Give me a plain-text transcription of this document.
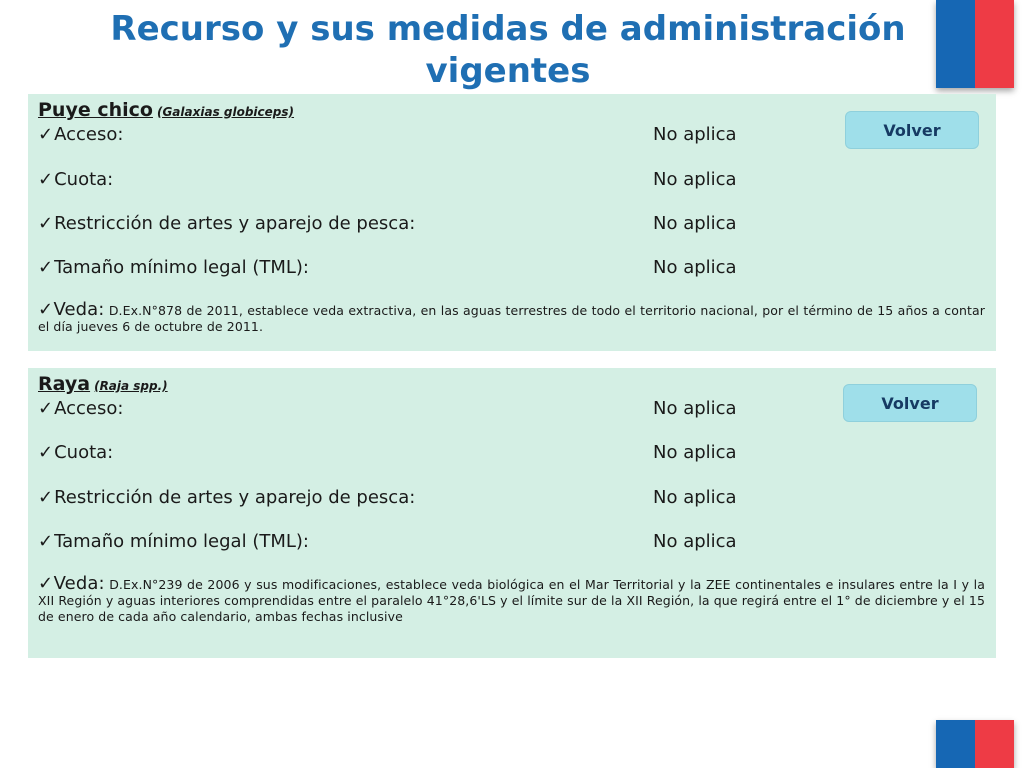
Recurso y sus medidas de administración vigentes
Puye chico (Galaxias globiceps)
Volver
✓Acceso:	No aplica
✓Cuota:	No aplica
✓Restricción de artes y aparejo de pesca:	No aplica
✓Tamaño mínimo legal (TML):	No aplica
✓Veda: D.Ex.N°878 de 2011, establece veda extractiva, en las aguas terrestres de todo el territorio nacional, por el término de 15 años a contar el día jueves 6 de octubre de 2011.
Raya (Raja spp.)
Volver
✓Acceso:	No aplica
✓Cuota:	No aplica
✓Restricción de artes y aparejo de pesca:	No aplica
✓Tamaño mínimo legal (TML):	No aplica
✓Veda: D.Ex.N°239 de 2006 y sus modificaciones, establece veda biológica en el Mar Territorial y la ZEE continentales e insulares entre la I y la XII Región y aguas interiores comprendidas entre el paralelo 41°28,6'LS y el límite sur de la XII Región, la que regirá entre el 1° de diciembre y el 15 de enero de cada año calendario, ambas fechas inclusive
